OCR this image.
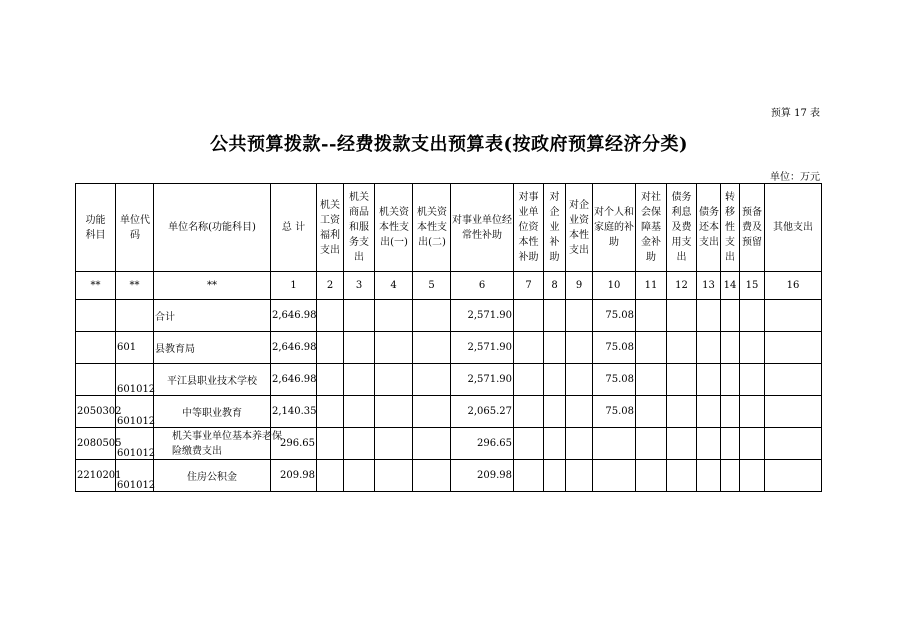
预算 17 表
公共预算拨款--经费拨款支出预算表(按政府预算经济分类)
单位：万元
功能科目	单位代码	单位名称(功能科目)	总 计	机关工资福利支出	机关商品和服务支出	机关资本性支出(一)	机关资本性支出(二)	对事业单位经常性补助	对事业单位资本性补助	对企业补助	对企业资本性支出	对个人和家庭的补助	对社会保障基金补助	债务利息及费用支出	债务还本支出	转移性支出	预备费及预留	其他支出
**	**	**	1	2	3	4	5	6	7	8	9	10	11	12	13	14	15	16
		合计	2,646.98					2,571.90				75.08						
	601	县教育局	2,646.98					2,571.90				75.08						
	601012	平江县职业技术学校	2,646.98					2,571.90				75.08						
2050302	601012	中等职业教育	2,140.35					2,065.27				75.08						
2080505	601012	机关事业单位基本养老保险缴费支出	296.65					296.65										
2210201	601012	住房公积金	209.98					209.98										
